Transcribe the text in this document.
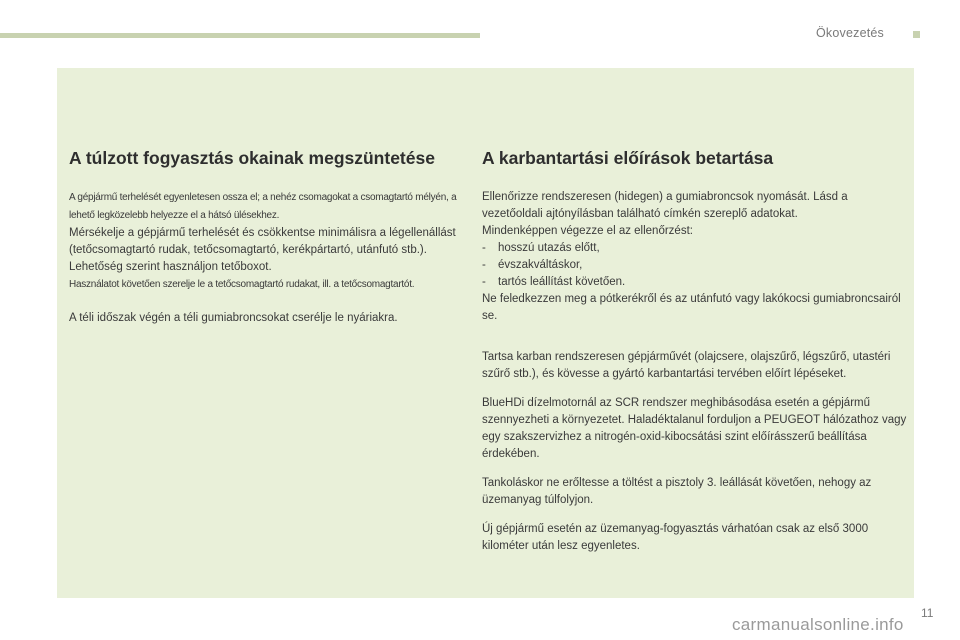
Ökovezetés
A túlzott fogyasztás okainak megszüntetése

A gépjármű terhelését egyenletesen ossza el; a nehéz csomagokat a csomagtartó mélyén, a lehető legközelebb helyezze el a hátsó ülésekhez.

Mérsékelje a gépjármű terhelését és csökkentse minimálisra a légellenállást (tetőcsomagtartó rudak, tetőcsomagtartó, kerékpártartó, utánfutó stb.). Lehetőség szerint használjon tetőboxot.

Használatot követően szerelje le a tetőcsomagtartó rudakat, ill. a tetőcsomagtartót.

A téli időszak végén a téli gumiabroncsokat cserélje le nyáriakra.

A karbantartási előírások betartása

Ellenőrizze rendszeresen (hidegen) a gumiabroncsok nyomását. Lásd a vezetőoldali ajtónyílásban található címkén szereplő adatokat.

Mindenképpen végezze el az ellenőrzést:

-	hosszú utazás előtt,
-	évszakváltáskor,
-	tartós leállítást követően.

Ne feledkezzen meg a pótkerékről és az utánfutó vagy lakókocsi gumiabroncsairól se.

Tartsa karban rendszeresen gépjárművét (olajcsere, olajszűrő, légszűrő, utastéri szűrő stb.), és kövesse a gyártó karbantartási tervében előírt lépéseket.

BlueHDi dízelmotornál az SCR rendszer meghibásodása esetén a gépjármű szennyezheti a környezetet. Haladéktalanul forduljon a PEUGEOT hálózathoz vagy egy szakszervizhez a nitrogén-oxid-kibocsátási szint előírásszerű beállítása érdekében.

Tankoláskor ne erőltesse a töltést a pisztoly 3. leállását követően, nehogy az üzemanyag túlfolyjon.

Új gépjármű esetén az üzemanyag-fogyasztás várhatóan csak az első 3000 kilométer után lesz egyenletes.

11
carmanualsonline.info
